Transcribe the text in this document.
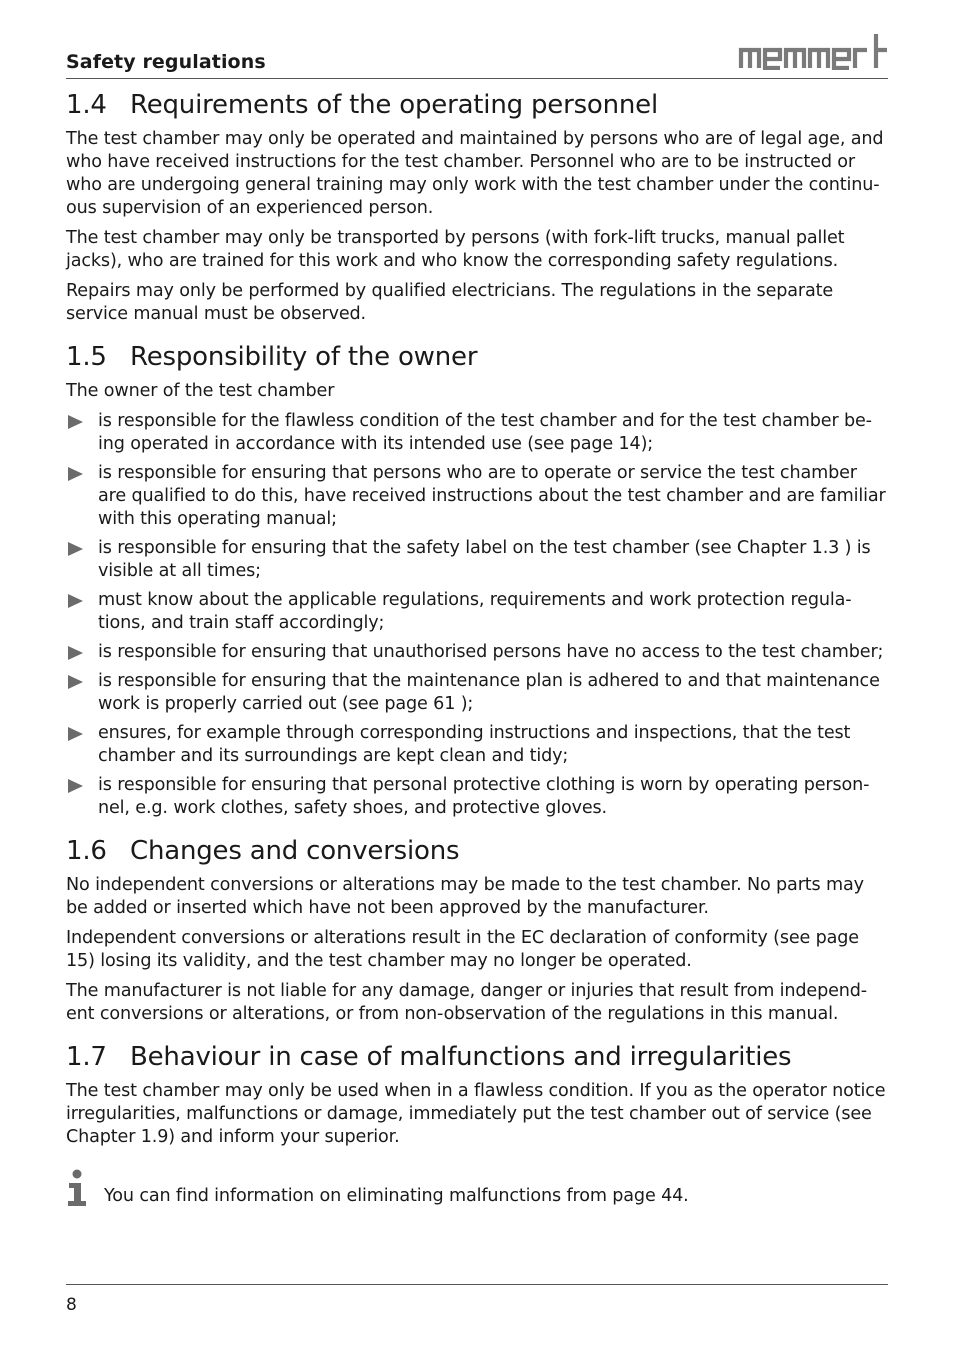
Safety regulations
1.4 Requirements of the operating personnel

The test chamber may only be operated and maintained by persons who are of legal age, and who have received instructions for the test chamber. Personnel who are to be instructed or who are undergoing general training may only work with the test chamber under the continu-ous supervision of an experienced person.

The test chamber may only be transported by persons (with fork-lift trucks, manual pallet jacks), who are trained for this work and who know the corresponding safety regulations.

Repairs may only be performed by qualified electricians. The regulations in the separate service manual must be observed.

1.5 Responsibility of the owner

The owner of the test chamber

is responsible for the flawless condition of the test chamber and for the test chamber be-ing operated in accordance with its intended use (see page 14);
is responsible for ensuring that persons who are to operate or service the test chamber are qualified to do this, have received instructions about the test chamber and are familiar with this operating manual;
is responsible for ensuring that the safety label on the test chamber (see Chapter 1.3 ) is visible at all times;
must know about the applicable regulations, requirements and work protection regula-tions, and train staff accordingly;
is responsible for ensuring that unauthorised persons have no access to the test chamber;
is responsible for ensuring that the maintenance plan is adhered to and that maintenance work is properly carried out (see page 61 );
ensures, for example through corresponding instructions and inspections, that the test chamber and its surroundings are kept clean and tidy;
is responsible for ensuring that personal protective clothing is worn by operating person-nel, e.g. work clothes, safety shoes, and protective gloves.
1.6 Changes and conversions

No independent conversions or alterations may be made to the test chamber. No parts may be added or inserted which have not been approved by the manufacturer.

Independent conversions or alterations result in the EC declaration of conformity (see page 15) losing its validity, and the test chamber may no longer be operated.

The manufacturer is not liable for any damage, danger or injuries that result from independ-ent conversions or alterations, or from non-observation of the regulations in this manual.

1.7 Behaviour in case of malfunctions and irregularities

The test chamber may only be used when in a flawless condition. If you as the operator notice irregularities, malfunctions or damage, immediately put the test chamber out of service (see Chapter 1.9) and inform your superior.

You can find information on eliminating malfunctions from page 44.
8
